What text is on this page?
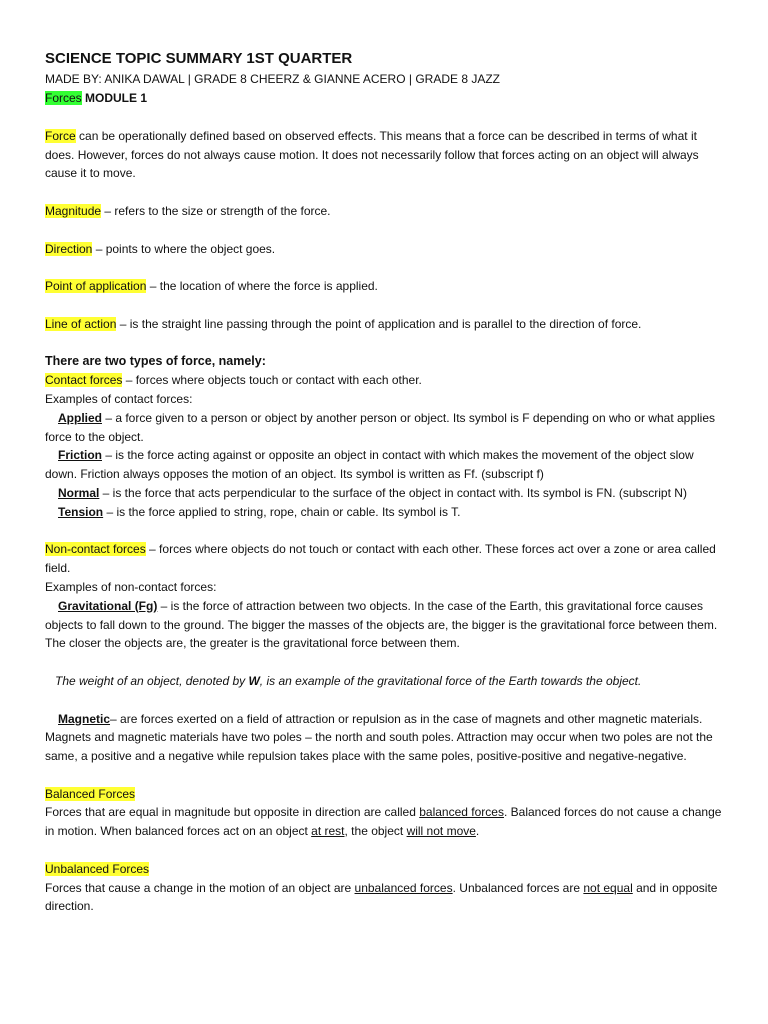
SCIENCE TOPIC SUMMARY 1ST QUARTER
MADE BY: ANIKA DAWAL | GRADE 8 CHEERZ & GIANNE ACERO | GRADE 8 JAZZ
Forces MODULE 1

Force can be operationally defined based on observed effects. This means that a force can be described in terms of what it does. However, forces do not always cause motion. It does not necessarily follow that forces acting on an object will always cause it to move.

Magnitude – refers to the size or strength of the force.

Direction – points to where the object goes.

Point of application – the location of where the force is applied.

Line of action – is the straight line passing through the point of application and is parallel to the direction of force.

There are two types of force, namely:

Contact forces – forces where objects touch or contact with each other.

Examples of contact forces:

Applied – a force given to a person or object by another person or object. Its symbol is F depending on who or what applies force to the object.

Friction – is the force acting against or opposite an object in contact with which makes the movement of the object slow down. Friction always opposes the motion of an object. Its symbol is written as Ff. (subscript f)

Normal – is the force that acts perpendicular to the surface of the object in contact with. Its symbol is FN. (subscript N)

Tension – is the force applied to string, rope, chain or cable. Its symbol is T.

Non-contact forces – forces where objects do not touch or contact with each other. These forces act over a zone or area called field.

Examples of non-contact forces:

Gravitational (Fg) – is the force of attraction between two objects. In the case of the Earth, this gravitational force causes objects to fall down to the ground. The bigger the masses of the objects are, the bigger is the gravitational force between them. The closer the objects are, the greater is the gravitational force between them.

The weight of an object, denoted by W, is an example of the gravitational force of the Earth towards the object.

Magnetic– are forces exerted on a field of attraction or repulsion as in the case of magnets and other magnetic materials. Magnets and magnetic materials have two poles – the north and south poles. Attraction may occur when two poles are not the same, a positive and a negative while repulsion takes place with the same poles, positive-positive and negative-negative.

Balanced Forces

Forces that are equal in magnitude but opposite in direction are called balanced forces. Balanced forces do not cause a change in motion. When balanced forces act on an object at rest, the object will not move.

Unbalanced Forces

Forces that cause a change in the motion of an object are unbalanced forces. Unbalanced forces are not equal and in opposite direction.
